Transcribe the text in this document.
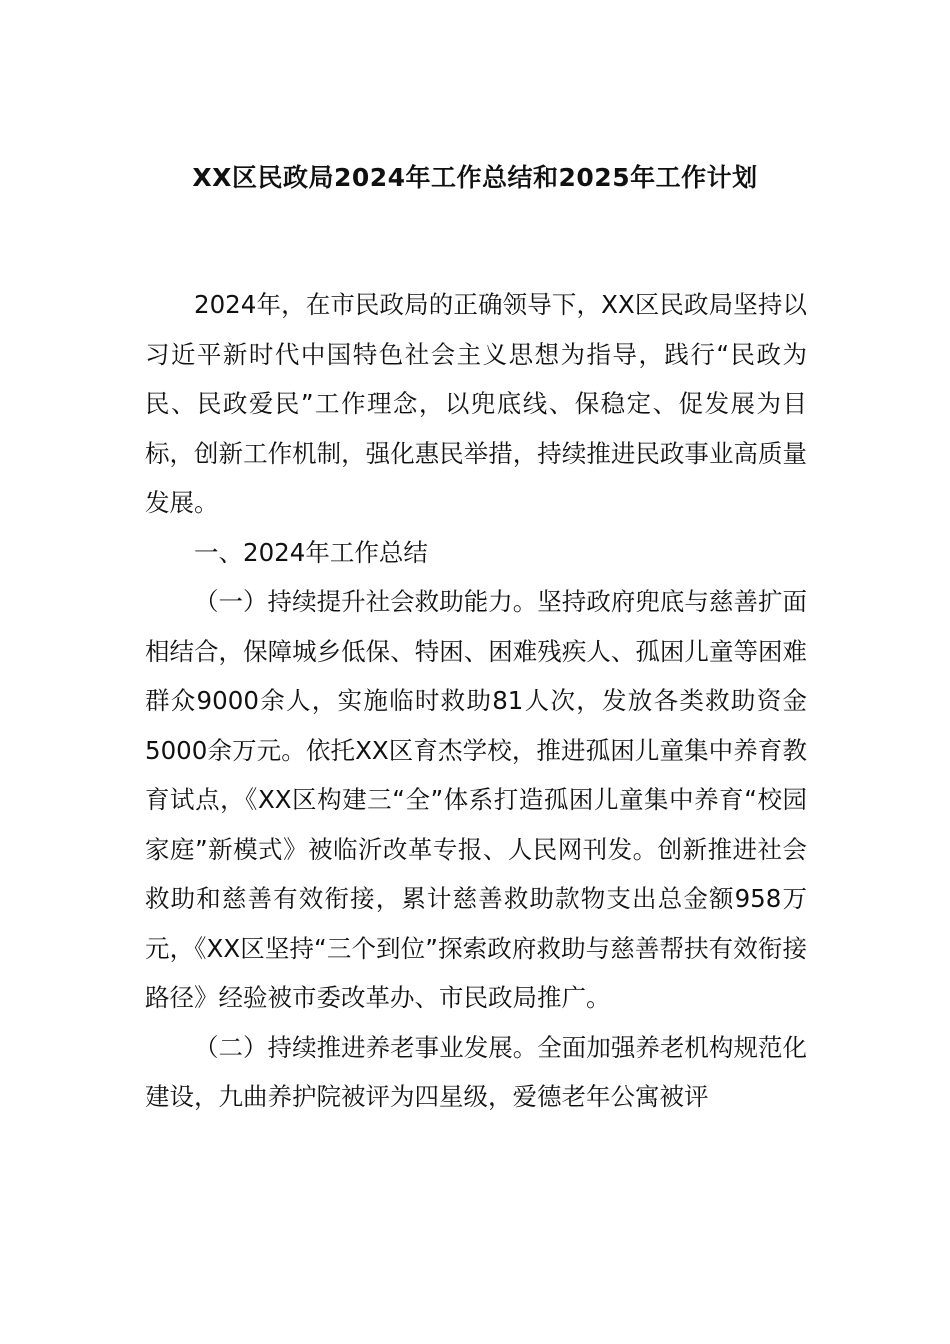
XX区民政局2024年工作总结和2025年工作计划

2024年，在市民政局的正确领导下，XX区民政局坚持以习近平新时代中国特色社会主义思想为指导，践行“民政为民、民政爱民”工作理念，以兜底线、保稳定、促发展为目标，创新工作机制，强化惠民举措，持续推进民政事业高质量发展。

一、2024年工作总结

（一）持续提升社会救助能力。坚持政府兜底与慈善扩面相结合，保障城乡低保、特困、困难残疾人、孤困儿童等困难群众9000余人，实施临时救助81人次，发放各类救助资金5000余万元。依托XX区育杰学校，推进孤困儿童集中养育教育试点，《XX区构建三“全”体系打造孤困儿童集中养育“校园家庭”新模式》被临沂改革专报、人民网刊发。创新推进社会救助和慈善有效衔接，累计慈善救助款物支出总金额958万元，《XX区坚持“三个到位”探索政府救助与慈善帮扶有效衔接路径》经验被市委改革办、市民政局推广。

（二）持续推进养老事业发展。全面加强养老机构规范化建设，九曲养护院被评为四星级，爱德老年公寓被评
